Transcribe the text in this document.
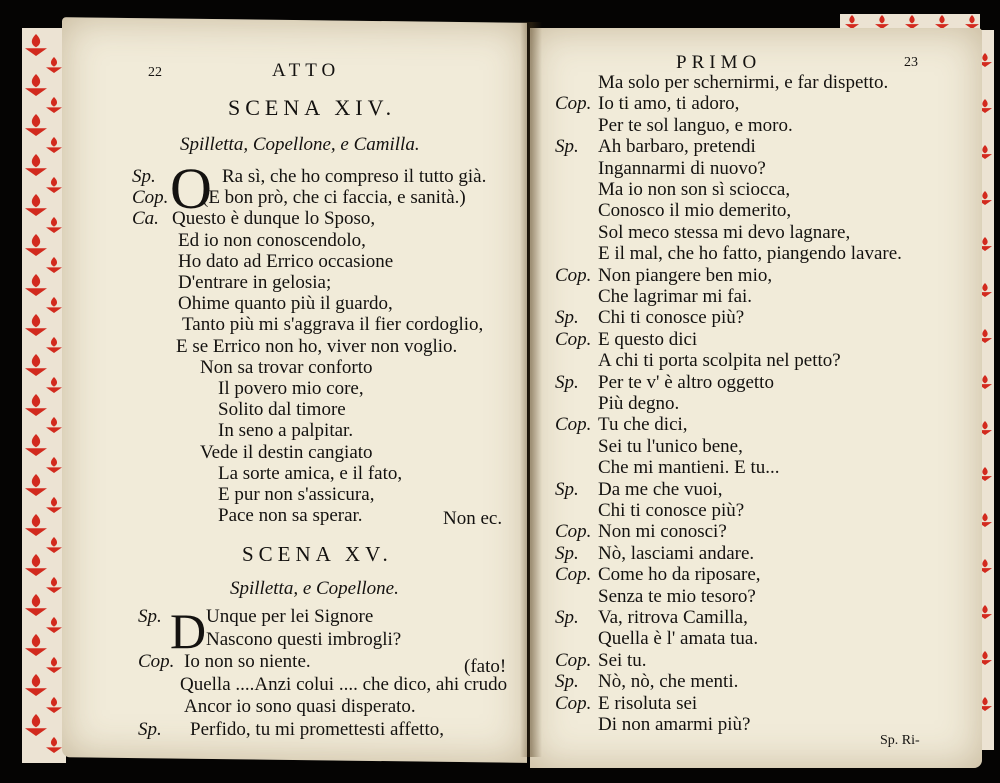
22	ATTO
SCENA XIV.
Spilletta, Copellone, e Camilla.
O
Sp.	Ra sì, che ho compreso il tutto già.
Cop. (E bon prò, che ci faccia, e sanità.)
Ca. Questo è dunque lo Sposo,
Ed io non conoscendolo,
Ho dato ad Errico occasione
D'entrare in gelosia;
Ohime quanto più il guardo,
Tanto più mi s'aggrava il fier cordoglio,
E se Errico non ho, viver non voglio.
Non sa trovar conforto
Il povero mio core,
Solito dal timore
In seno a palpitar.
Vede il destin cangiato
La sorte amica, e il fato,
E pur non s'assicura,
Pace non sa sperar.	Non ec.
SCENA XV.
Spilletta, e Copellone.
D
Sp. Unque per lei Signore
Nascono questi imbrogli?
Cop. Io non so niente.
Quella ....Anzi colui .... che dico, ahi crudo
Ancor io sono quasi disperato.
Sp. Perfido, tu mi promettesti affetto,
(fato!
PRIMO	23
Ma solo per schernirmi, e far dispetto.
Cop. Io ti amo, ti adoro,
Per te sol languo, e moro.
Sp. Ah barbaro, pretendi
Ingannarmi di nuovo?
Ma io non son sì sciocca,
Conosco il mio demerito,
Sol meco stessa mi devo lagnare,
E il mal, che ho fatto, piangendo lavare.
Cop. Non piangere ben mio,
Che lagrimar mi fai.
Sp. Chi ti conosce più?
Cop. E questo dici
A chi ti porta scolpita nel petto?
Sp. Per te v' è altro oggetto
Più degno.
Cop. Tu che dici,
Sei tu l'unico bene,
Che mi mantieni. E tu...
Sp. Da me che vuoi,
Chi ti conosce più?
Cop. Non mi conosci?
Sp. Nò, lasciami andare.
Cop. Come ho da riposare,
Senza te mio tesoro?
Sp. Va, ritrova Camilla,
Quella è l' amata tua.
Cop. Sei tu.
Sp. Nò, nò, che menti.
Cop. E risoluta sei
Di non amarmi più?
Sp. Ri-
